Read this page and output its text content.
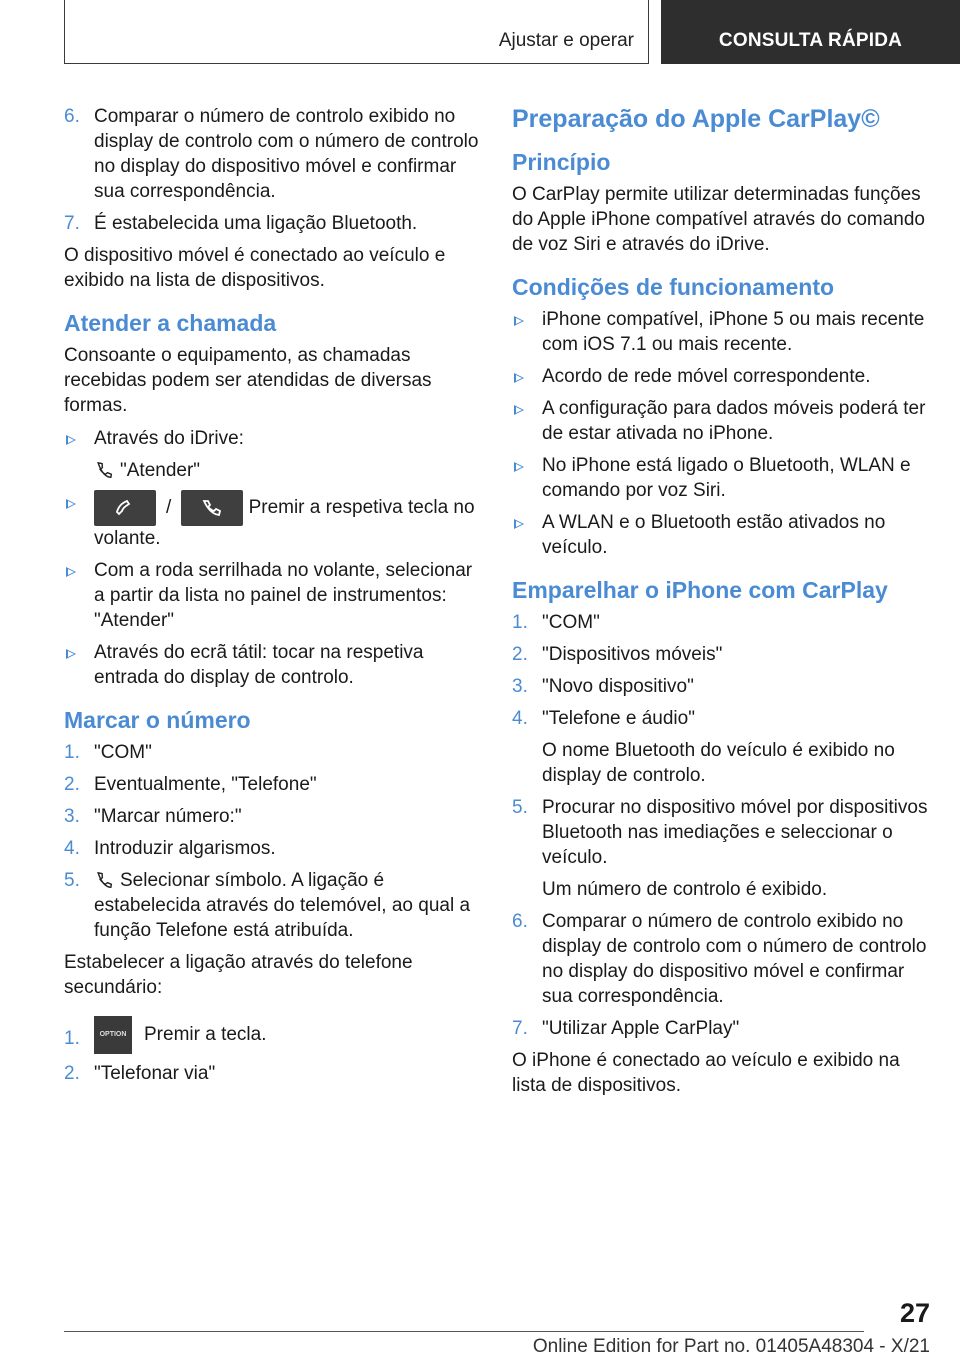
Ajustar e operar	CONSULTA RÁPIDA
6. Comparar o número de controlo exibido no display de controlo com o número de controlo no display do dispositivo móvel e confirmar sua correspondência.
7. É estabelecida uma ligação Bluetooth.

O dispositivo móvel é conectado ao veículo e exibido na lista de dispositivos.

Atender a chamada

Consoante o equipamento, as chamadas recebidas podem ser atendidas de diversas formas.

Através do iDrive:
"Atender"
/	Premir a respetiva tecla no volante.
Com a roda serrilhada no volante, selecionar a partir da lista no painel de instrumentos: "Atender"
Através do ecrã tátil: tocar na respetiva entrada do display de controlo.
Marcar o número
1. "COM"
2. Eventualmente, "Telefone"
3. "Marcar número:"
4. Introduzir algarismos.
5. Selecionar símbolo. A ligação é estabelecida através do telemóvel, ao qual a função Telefone está atribuída.

Estabelecer a ligação através do telefone secundário:

1.	OPTION Premir a tecla.
2. "Telefonar via"
Preparação do Apple CarPlay©
Princípio

O CarPlay permite utilizar determinadas funções do Apple iPhone compatível através do comando de voz Siri e através do iDrive.

Condições de funcionamento
iPhone compatível, iPhone 5 ou mais recente com iOS 7.1 ou mais recente.
Acordo de rede móvel correspondente.
A configuração para dados móveis poderá ter de estar ativada no iPhone.
No iPhone está ligado o Bluetooth, WLAN e comando por voz Siri.
A WLAN e o Bluetooth estão ativados no veículo.
Emparelhar o iPhone com CarPlay
1. "COM"
2. "Dispositivos móveis"
3. "Novo dispositivo"
4. "Telefone e áudio"
O nome Bluetooth do veículo é exibido no display de controlo.
5. Procurar no dispositivo móvel por dispositivos Bluetooth nas imediações e seleccionar o veículo.
Um número de controlo é exibido.
6. Comparar o número de controlo exibido no display de controlo com o número de controlo no display do dispositivo móvel e confirmar sua correspondência.
7. "Utilizar Apple CarPlay"

O iPhone é conectado ao veículo e exibido na lista de dispositivos.

27
Online Edition for Part no. 01405A48304 - X/21
